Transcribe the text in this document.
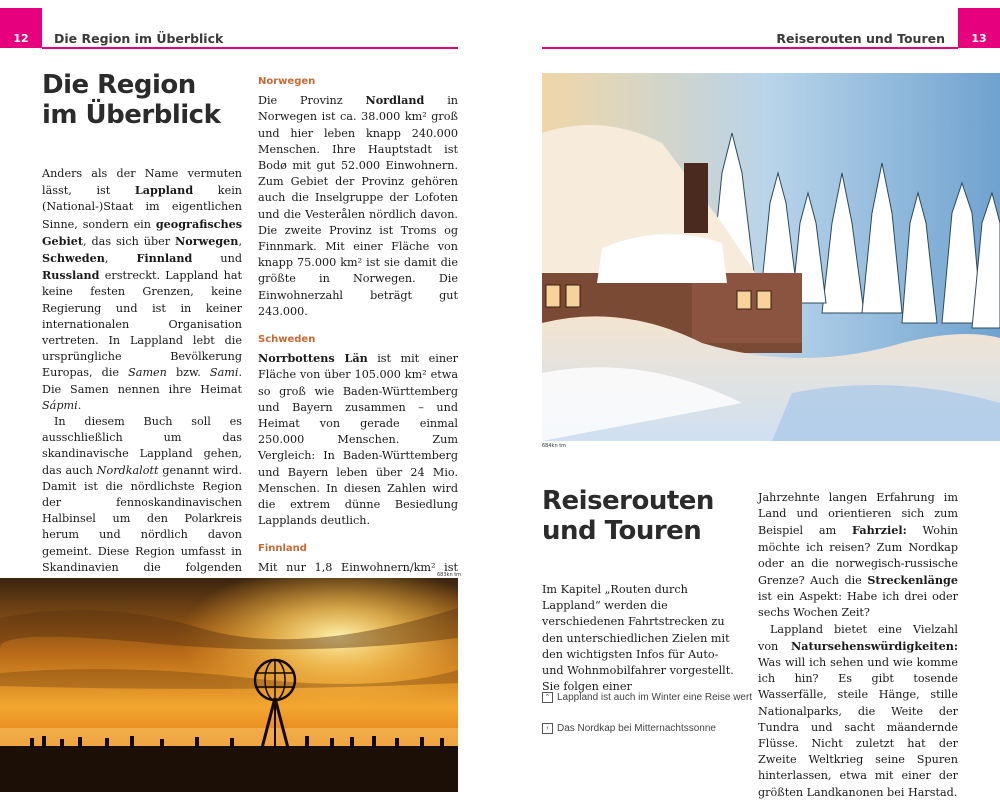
12	Die Region im Überblick
Die Region
im Überblick

Anders als der Name vermuten lässt, ist Lappland kein (National-)Staat im eigentlichen Sinne, sondern ein geografisches Gebiet, das sich über Norwegen, Schweden, Finnland und Russland erstreckt. Lappland hat keine festen Grenzen, keine Regierung und ist in keiner internationalen Organisation vertreten. In Lappland lebt die ursprüngliche Bevölkerung Europas, die Samen bzw. Sami. Die Samen nennen ihre Heimat Sápmi.

In diesem Buch soll es ausschließlich um das skandinavische Lappland gehen, das auch Nordkalott genannt wird. Damit ist die nördlichste Region der fennoskandinavischen Halbinsel um den Polarkreis herum und nördlich davon gemeint. Diese Region umfasst in Skandinavien die folgenden

Norwegen

Die Provinz Nordland in Norwegen ist ca. 38.000 km² groß und hier leben knapp 240.000 Menschen. Ihre Hauptstadt ist Bodø mit gut 52.000 Einwohnern. Zum Gebiet der Provinz gehören auch die Inselgruppe der Lofoten und die Vesterålen nördlich davon. Die zweite Provinz ist Troms og Finnmark. Mit einer Fläche von knapp 75.000 km² ist sie damit die größte in Norwegen. Die Einwohnerzahl beträgt gut 243.000.

Schweden

Norrbottens Län ist mit einer Fläche von über 105.000 km² etwa so groß wie Baden-Württemberg und Bayern zusammen – und Heimat von gerade einmal 250.000 Menschen. Zum Vergleich: In Baden-Württemberg und Bayern leben über 24 Mio. Menschen. In diesen Zahlen wird die extrem dünne Besiedlung Lapplands deutlich.

Finnland

Mit nur 1,8 Einwohnern/km² ist

683kn tm
Reiserouten und Touren	13
684kn tm
Reiserouten
und Touren

Im Kapitel „Routen durch Lappland“ werden die verschiedenen Fahrtstrecken zu den unterschiedlichen Zielen mit den wichtigsten Infos für Auto- und Wohnmobilfahrer vorgestellt. Sie folgen einer

⌃ Lappland ist auch im Winter eine Reise wert
‹ Das Nordkap bei Mitternachtssonne

Jahrzehnte langen Erfahrung im Land und orientieren sich zum Beispiel am Fahrziel: Wohin möchte ich reisen? Zum Nordkap oder an die norwegisch-russische Grenze? Auch die Streckenlänge ist ein Aspekt: Habe ich drei oder sechs Wochen Zeit?

Lappland bietet eine Vielzahl von Natursehenswürdigkeiten: Was will ich sehen und wie komme ich hin? Es gibt tosende Wasserfälle, steile Hänge, stille Nationalparks, die Weite der Tundra und sacht mäandernde Flüsse. Nicht zuletzt hat der Zweite Weltkrieg seine Spuren hinterlassen, etwa mit einer der größten Landkanonen bei Harstad.
